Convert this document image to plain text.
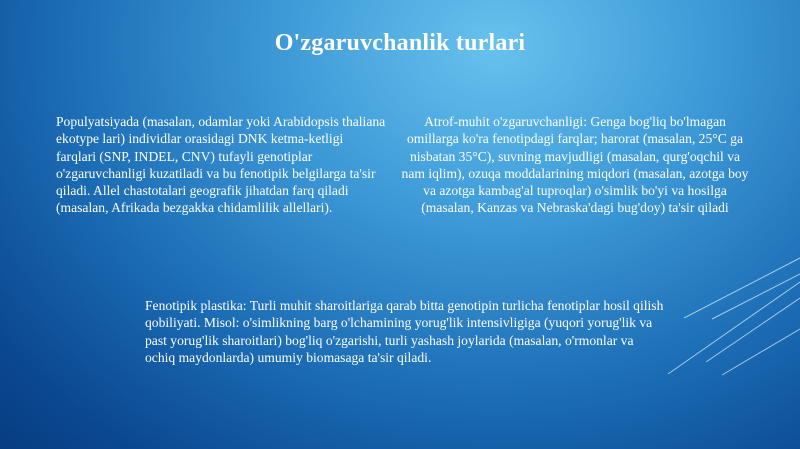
O'zgaruvchanlik turlari

Populyatsiyada (masalan, odamlar yoki Arabidopsis thaliana ekotype lari) individlar orasidagi DNK ketma-ketligi farqlari (SNP, INDEL, CNV) tufayli genotiplar o'zgaruvchanligi kuzatiladi va bu fenotipik belgilarga ta'sir qiladi. Allel chastotalari geografik jihatdan farq qiladi (masalan, Afrikada bezgakka chidamlilik allellari).

Atrof-muhit o'zgaruvchanligi: Genga bog'liq bo'lmagan omillarga ko'ra fenotipdagi farqlar; harorat (masalan, 25°C ga nisbatan 35°C), suvning mavjudligi (masalan, qurg'oqchil va nam iqlim), ozuqa moddalarining miqdori (masalan, azotga boy va azotga kambag'al tuproqlar) o'simlik bo'yi va hosilga (masalan, Kanzas va Nebraska'dagi bug'doy) ta'sir qiladi

Fenotipik plastika: Turli muhit sharoitlariga qarab bitta genotipin turlicha fenotiplar hosil qilish qobiliyati. Misol: o'simlikning barg o'lchamining yorug'lik intensivligiga (yuqori yorug'lik va past yorug'lik sharoitlari) bog'liq o'zgarishi, turli yashash joylarida (masalan, o'rmonlar va ochiq maydonlarda) umumiy biomasaga ta'sir qiladi.
